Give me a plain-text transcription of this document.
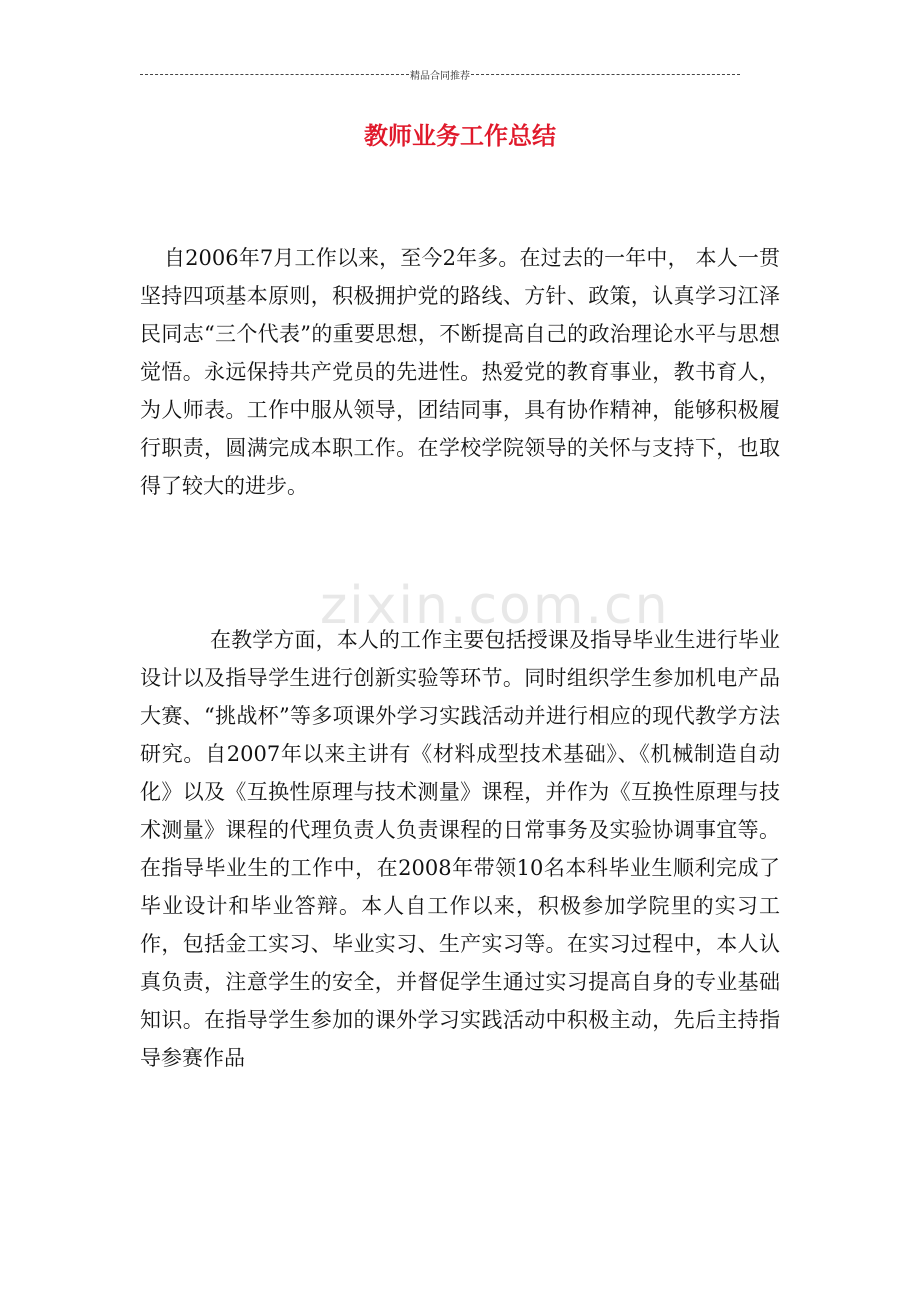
精品合同推荐
教师业务工作总结
zixin.com.cn

自2006年7月工作以来，至今2年多。在过去的一年中， 本人一贯坚持四项基本原则，积极拥护党的路线、方针、政策，认真学习江泽民同志“三个代表”的重要思想，不断提高自己的政治理论水平与思想觉悟。永远保持共产党员的先进性。热爱党的教育事业，教书育人，为人师表。工作中服从领导，团结同事，具有协作精神，能够积极履行职责，圆满完成本职工作。在学校学院领导的关怀与支持下，也取得了较大的进步。

在教学方面，本人的工作主要包括授课及指导毕业生进行毕业设计以及指导学生进行创新实验等环节。同时组织学生参加机电产品大赛、“挑战杯”等多项课外学习实践活动并进行相应的现代教学方法研究。自2007年以来主讲有《材料成型技术基础》、《机械制造自动化》以及《互换性原理与技术测量》课程，并作为《互换性原理与技术测量》课程的代理负责人负责课程的日常事务及实验协调事宜等。在指导毕业生的工作中，在2008年带领10名本科毕业生顺利完成了毕业设计和毕业答辩。本人自工作以来，积极参加学院里的实习工作，包括金工实习、毕业实习、生产实习等。在实习过程中，本人认真负责，注意学生的安全，并督促学生通过实习提高自身的专业基础知识。在指导学生参加的课外学习实践活动中积极主动，先后主持指导参赛作品
